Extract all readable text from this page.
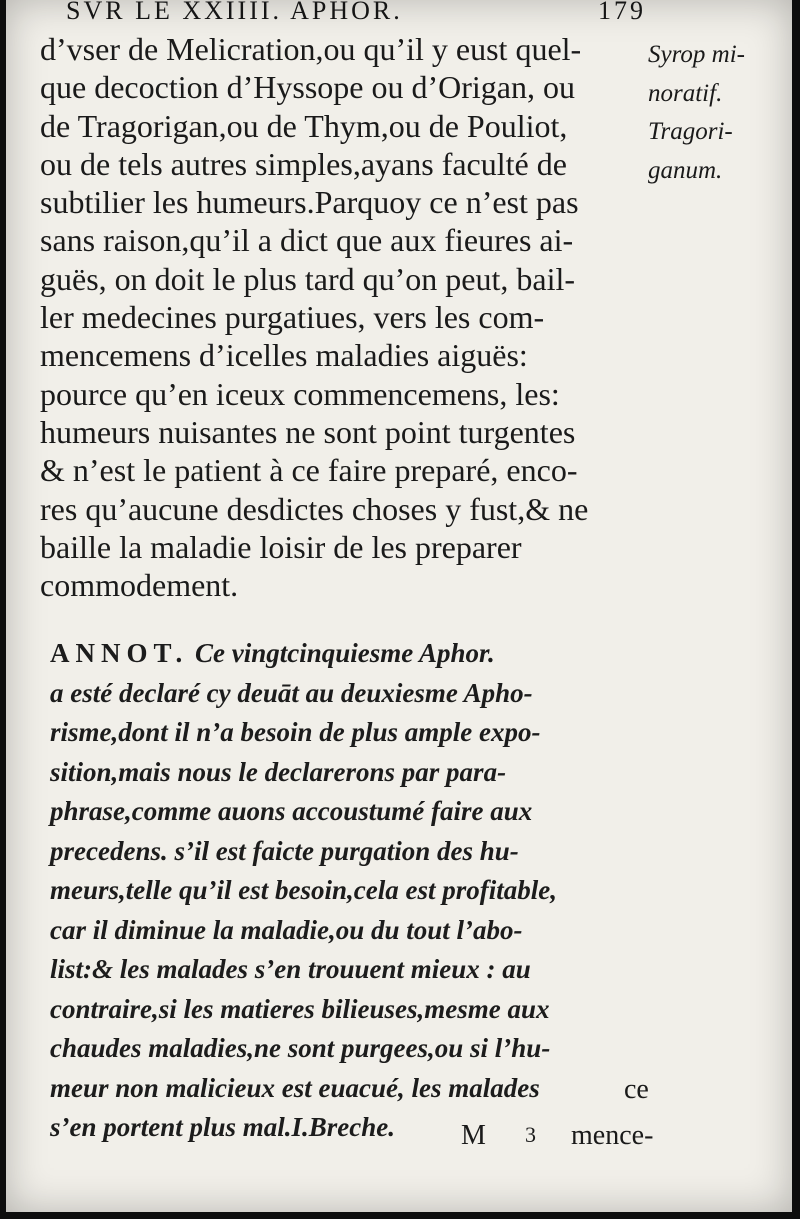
SVR LE XXIIII. APHOR.	179
d’vser de Melicration,ou qu’il y eust quel-
que decoction d’Hyssope ou d’Origan, ou
de Tragorigan,ou de Thym,ou de Pouliot,
ou de tels autres simples,ayans faculté de
subtilier les humeurs.Parquoy ce n’est pas
sans raison,qu’il a dict que aux fieures ai-
guës, on doit le plus tard qu’on peut, bail-
ler medecines purgatiues, vers les com-
mencemens d’icelles maladies aiguës:
pource qu’en iceux commencemens, les:
humeurs nuisantes ne sont point turgentes
& n’est le patient à ce faire preparé, enco-
res qu’aucune desdictes choses y fust,& ne
baille la maladie loisir de les preparer
commodement.
Syrop mi-
noratif.
Tragori-
ganum.
ANNOT. Ce vingtcinquiesme Aphor.
a esté declaré cy deuāt au deuxiesme Apho-
risme,dont il n’a besoin de plus ample expo-
sition,mais nous le declarerons par para-
phrase,comme auons accoustumé faire aux
precedens. s’il est faicte purgation des hu-
meurs,telle qu’il est besoin,cela est profitable,
car il diminue la maladie,ou du tout l’abo-
list:& les malades s’en trouuent mieux : au
contraire,si les matieres bilieuses,mesme aux
chaudes maladies,ne sont purgees,ou si l’hu-
meur non malicieux est euacué, les malades
s’en portent plus mal.I.Breche.
ce
M 3 mence-
